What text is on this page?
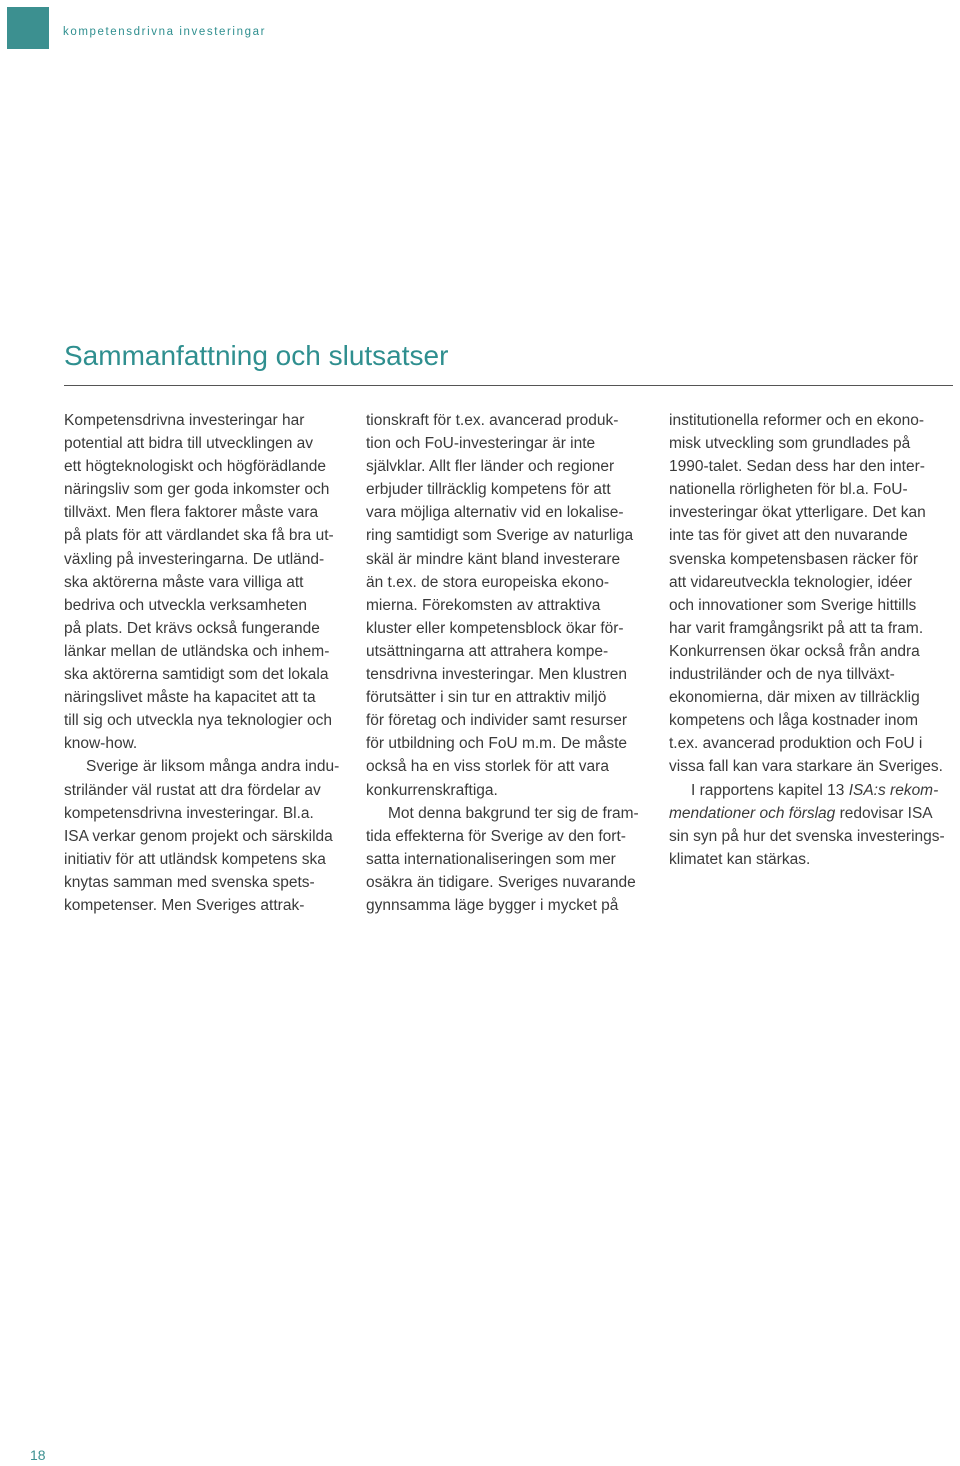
kompetensdrivna investeringar
Sammanfattning och slutsatser
Kompetensdrivna investeringar har
potential att bidra till utvecklingen av
ett högteknologiskt och högförädlande
näringsliv som ger goda inkomster och
tillväxt. Men flera faktorer måste vara
på plats för att värdlandet ska få bra ut-
växling på investeringarna. De utländ-
ska aktörerna måste vara villiga att
bedriva och utveckla verksamheten
på plats. Det krävs också fungerande
länkar mellan de utländska och inhem-
ska aktörerna samtidigt som det lokala
näringslivet måste ha kapacitet att ta
till sig och utveckla nya teknologier och
know-how.
Sverige är liksom många andra indu-
striländer väl rustat att dra fördelar av
kompetensdrivna investeringar. Bl.a.
ISA verkar genom projekt och särskilda
initiativ för att utländsk kompetens ska
knytas samman med svenska spets-
kompetenser. Men Sveriges attrak-
tionskraft för t.ex. avancerad produk-
tion och FoU-investeringar är inte
självklar. Allt fler länder och regioner
erbjuder tillräcklig kompetens för att
vara möjliga alternativ vid en lokalise-
ring samtidigt som Sverige av naturliga
skäl är mindre känt bland investerare
än t.ex. de stora europeiska ekono-
mierna. Förekomsten av attraktiva
kluster eller kompetensblock ökar för-
utsättningarna att attrahera kompe-
tensdrivna investeringar. Men klustren
förutsätter i sin tur en attraktiv miljö
för företag och individer samt resurser
för utbildning och FoU m.m. De måste
också ha en viss storlek för att vara
konkurrenskraftiga.
Mot denna bakgrund ter sig de fram-
tida effekterna för Sverige av den fort-
satta internationaliseringen som mer
osäkra än tidigare. Sveriges nuvarande
gynnsamma läge bygger i mycket på
institutionella reformer och en ekono-
misk utveckling som grundlades på
1990-talet. Sedan dess har den inter-
nationella rörligheten för bl.a. FoU-
investeringar ökat ytterligare. Det kan
inte tas för givet att den nuvarande
svenska kompetensbasen räcker för
att vidareutveckla teknologier, idéer
och innovationer som Sverige hittills
har varit framgångsrikt på att ta fram.
Konkurrensen ökar också från andra
industriländer och de nya tillväxt-
ekonomierna, där mixen av tillräcklig
kompetens och låga kostnader inom
t.ex. avancerad produktion och FoU i
vissa fall kan vara starkare än Sveriges.
I rapportens kapitel 13 ISA:s rekom-
mendationer och förslag redovisar ISA
sin syn på hur det svenska investerings-
klimatet kan stärkas.
18
